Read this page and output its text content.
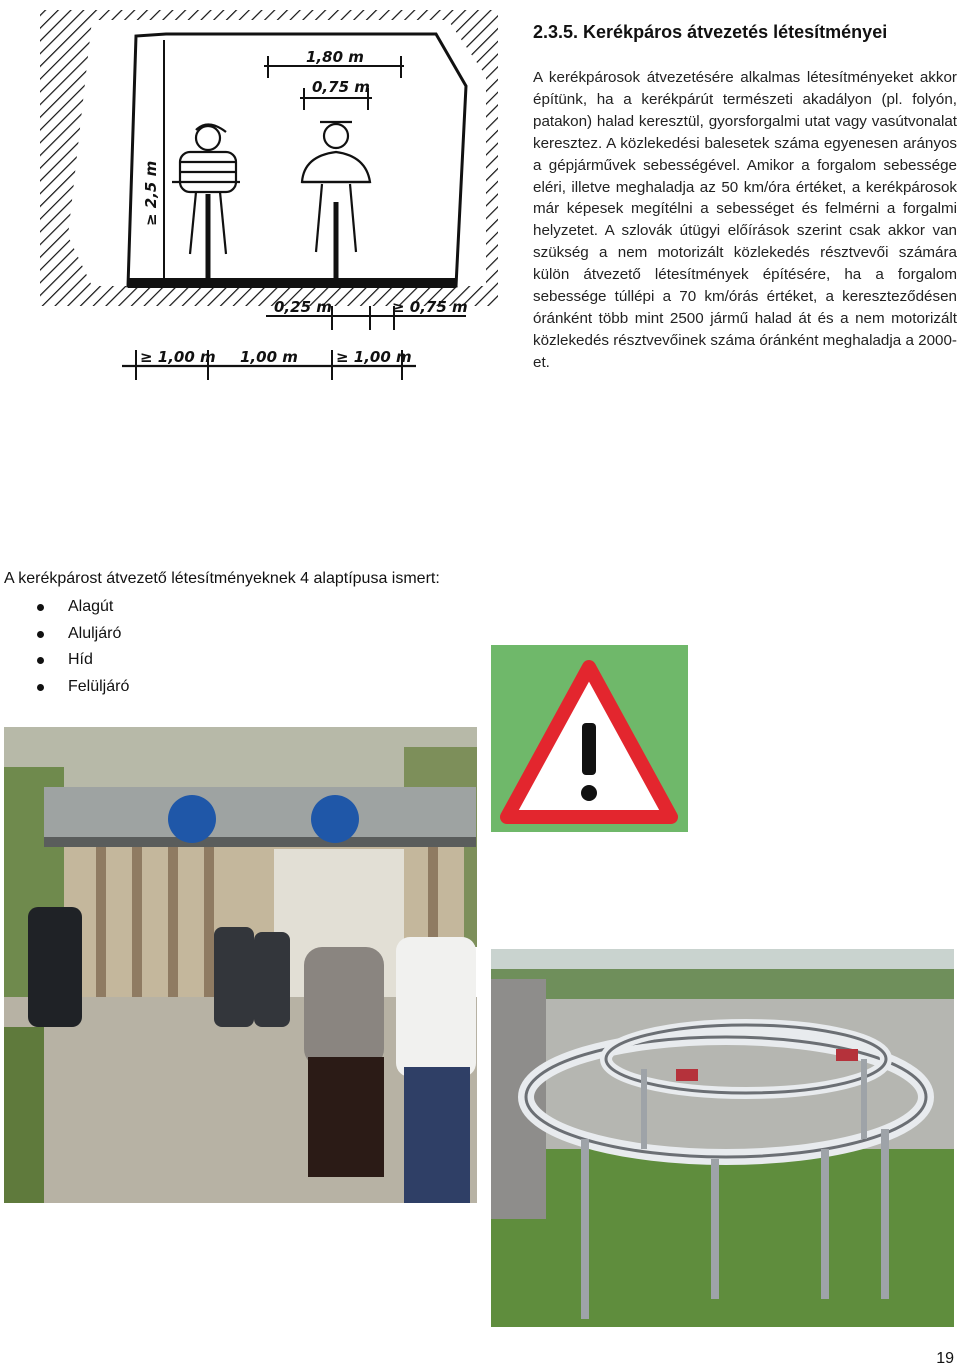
2.3.5. Kerékpáros átvezetés létesítményei
A kerékpárosok átvezetésére alkalmas létesítményeket akkor építünk, ha a kerékpárút természeti akadályon (pl. folyón, patakon) halad keresztül, gyorsforgalmi utat vagy vasútvonalat keresztez. A közlekedési balesetek száma egyenesen arányos a gépjárművek sebességével. Amikor a forgalom sebessége eléri, illetve meghaladja az 50 km/óra értéket, a kerékpárosok már képesek megítélni a sebességet és felmérni a forgalmi helyzetet. A szlovák útügyi előírások szerint csak akkor van szükség a nem motorizált közlekedés résztvevői számára külön átvezető létesítmények építésére, ha a forgalom sebessége túllépi a 70 km/órás értéket, a kereszteződésen óránként több mint 2500 jármű halad át és a nem motorizált közlekedés résztvevőinek száma óránként meghaladja a 2000-et.
1,80 m
0,75 m
≥ 2,5 m
0,25 m	≥ 0,75 m
≥ 1,00 m 1,00 m	≥ 1,00 m
A kerékpárost átvezető létesítményeknek 4 alaptípusa ismert:
Alagút
Aluljáró
Híd
Felüljáró
19
